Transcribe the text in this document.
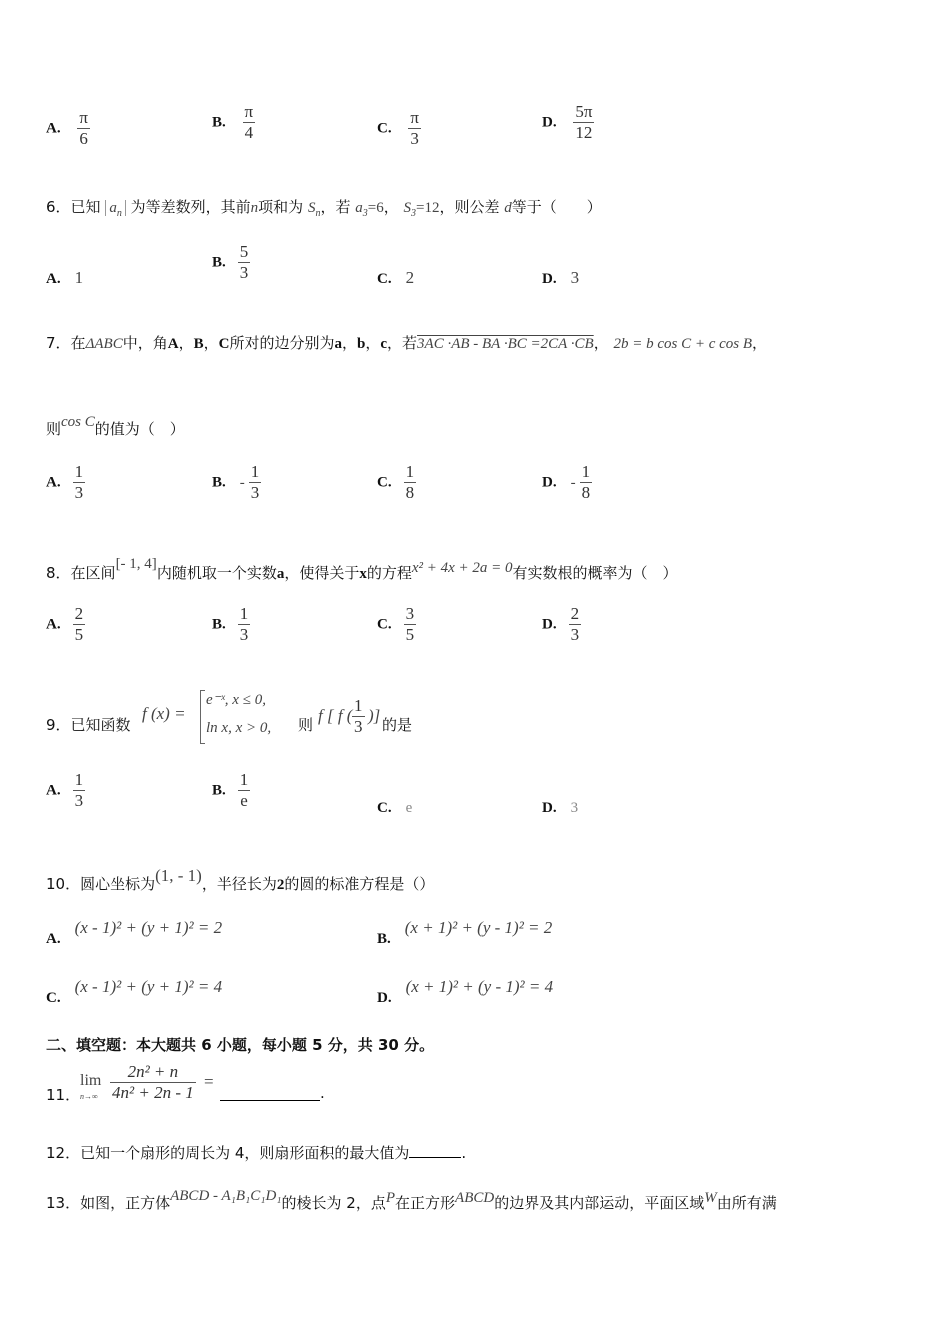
A. $\frac{\pi}{6}$	B. $\frac{\pi}{4}$	C. $\frac{\pi}{3}$	D. $\frac{5\pi}{12}$
6．已知 $a_n$ 为等差数列，其前n项和为 $S_n$，若 $a_3=6$， $S_3=12$，则公差 d等于（　　）
A. 1
B. $\frac{5}{3}$	C. 2	D. 3
7．在ΔABC中，角A，B，C所对的边分别为a，b，c，若3AC ·AB - BA ·BC =2CA ·CB， 2b = b cos C + c cos B，
则cos C的值为（　）
A. $\frac{1}{3}$	B. - $\frac{1}{3}$	C. $\frac{1}{8}$	D. - $\frac{1}{8}$
8．在区间[- 1, 4]内随机取一个实数a，使得关于x的方程x² + 4x + 2a = 0有实数根的概率为（　）
A. $\frac{2}{5}$	B. $\frac{1}{3}$	C. $\frac{3}{5}$	D. $\frac{2}{3}$
9．已知函数
f (x) =
e⁻ˣ, x ≤ 0,
ln x, x > 0, 则 f [ f ( $\frac{1}{3}$ )] 的是
A. $\frac{1}{3}$	B. $\frac{1}{e}$	C. e	D. 3
10．圆心坐标为(1, - 1)，半径长为2的圆的标准方程是（）
A.(x - 1)² + (y + 1)² = 2
B.(x + 1)² + (y - 1)² = 2
C.(x - 1)² + (y + 1)² = 4
D.(x + 1)² + (y - 1)² = 4
二、填空题：本大题共 6 小题，每小题 5 分，共 30 分。
11．
lim
$n\to\infty \frac{\text{2n² + n}}{\text{4n² + 2n - 1}}$ =
.
12．已知一个扇形的周长为 4，则扇形面积的最大值为	.
13．如图，正方体ABCD - A₁B₁C₁D₁的棱长为 2，点P在正方形ABCD的边界及其内部运动，平面区域W由所有满
